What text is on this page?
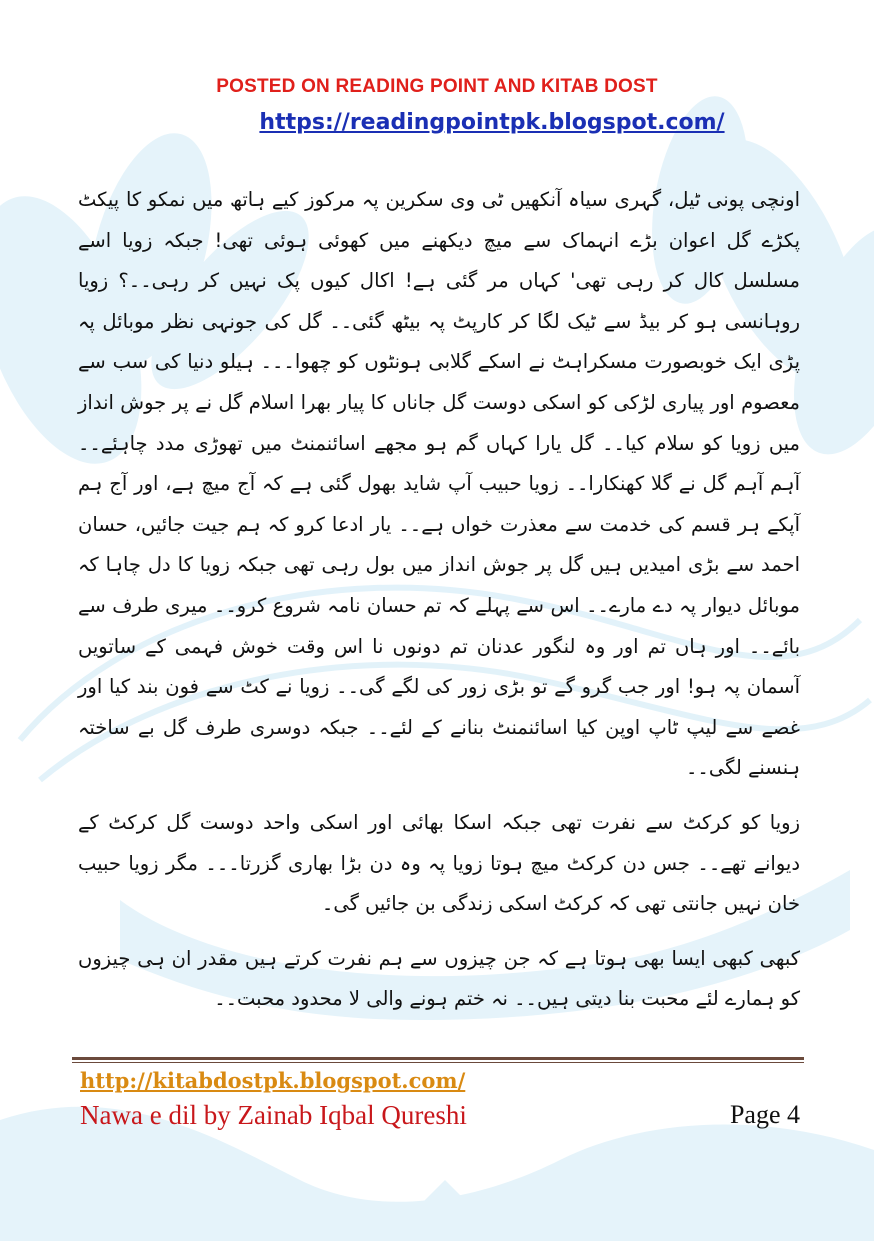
POSTED ON READING POINT AND KITAB DOST
https://readingpointpk.blogspot.com/

اونچی پونی ٹیل، گہری سیاہ آنکھیں ٹی وی سکرین پہ مرکوز کیے ہاتھ میں نمکو کا پیکٹ پکڑے گل اعوان بڑے انہماک سے میچ دیکھنے میں کھوئی ہوئی تھی! جبکہ زویا اسے مسلسل کال کر رہی تھی' کہاں مر گئی ہے! اکال کیوں پک نہیں کر رہی۔۔؟ زویا روہانسی ہو کر بیڈ سے ٹیک لگا کر کارپٹ پہ بیٹھ گئی۔۔ گل کی جونہی نظر موبائل پہ پڑی ایک خوبصورت مسکراہٹ نے اسکے گلابی ہونٹوں کو چھوا۔۔۔ ہیلو دنیا کی سب سے معصوم اور پیاری لڑکی کو اسکی دوست گل جاناں کا پیار بھرا اسلام گل نے پر جوش انداز میں زویا کو سلام کیا۔۔ گل یارا کہاں گم ہو مجھے اسائنمنٹ میں تھوڑی مدد چاہئے۔۔ آہم آہم گل نے گلا کھنکارا۔۔ زویا حبیب آپ شاید بھول گئی ہے کہ آج میچ ہے، اور آج ہم آپکے ہر قسم کی خدمت سے معذرت خواں ہے۔۔ یار ادعا کرو کہ ہم جیت جائیں، حسان احمد سے بڑی امیدیں ہیں گل پر جوش انداز میں بول رہی تھی جبکہ زویا کا دل چاہا کہ موبائل دیوار پہ دے مارے۔۔ اس سے پہلے کہ تم حسان نامہ شروع کرو۔۔ میری طرف سے بائے۔۔ اور ہاں تم اور وہ لنگور عدنان تم دونوں نا اس وقت خوش فہمی کے ساتویں آسمان پہ ہو! اور جب گرو گے تو بڑی زور کی لگے گی۔۔ زویا نے کٹ سے فون بند کیا اور غصے سے لیپ ٹاپ اوپن کیا اسائنمنٹ بنانے کے لئے۔۔ جبکہ دوسری طرف گل بے ساختہ ہنسنے لگی۔۔

زویا کو کرکٹ سے نفرت تھی جبکہ اسکا بھائی اور اسکی واحد دوست گل کرکٹ کے دیوانے تھے۔۔ جس دن کرکٹ میچ ہوتا زویا پہ وہ دن بڑا بھاری گزرتا۔۔۔ مگر زویا حبیب خان نہیں جانتی تھی کہ کرکٹ اسکی زندگی بن جائیں گی۔

کبھی کبھی ایسا بھی ہوتا ہے کہ جن چیزوں سے ہم نفرت کرتے ہیں مقدر ان ہی چیزوں کو ہمارے لئے محبت بنا دیتی ہیں۔۔ نہ ختم ہونے والی لا محدود محبت۔۔

http://kitabdostpk.blogspot.com/
Nawa e dil by Zainab Iqbal Qureshi	Page 4
